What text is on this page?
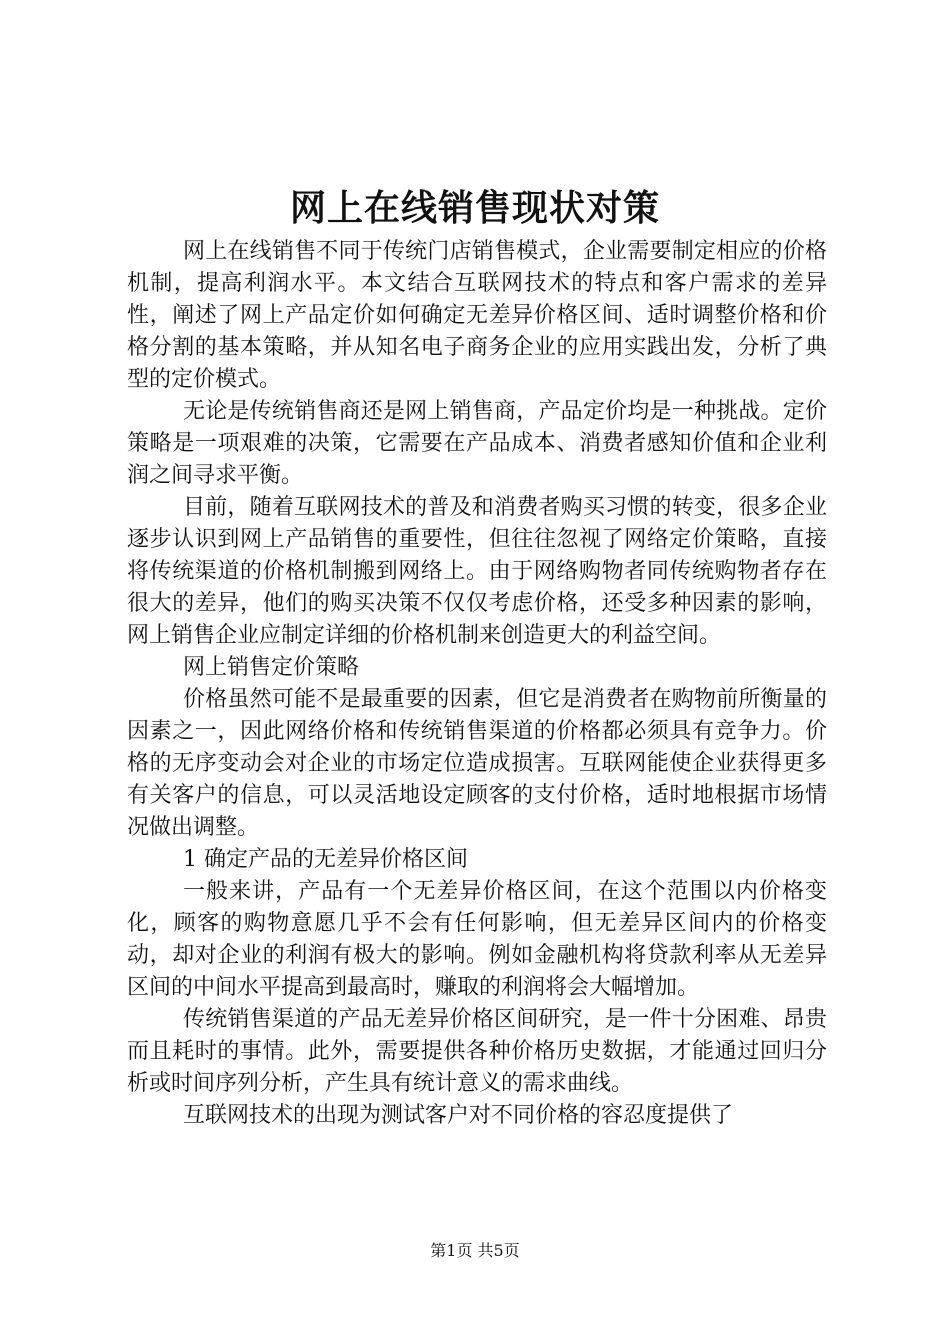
网上在线销售现状对策

网上在线销售不同于传统门店销售模式，企业需要制定相应的价格机制，提高利润水平。本文结合互联网技术的特点和客户需求的差异性，阐述了网上产品定价如何确定无差异价格区间、适时调整价格和价格分割的基本策略，并从知名电子商务企业的应用实践出发，分析了典型的定价模式。

无论是传统销售商还是网上销售商，产品定价均是一种挑战。定价策略是一项艰难的决策，它需要在产品成本、消费者感知价值和企业利润之间寻求平衡。

目前，随着互联网技术的普及和消费者购买习惯的转变，很多企业逐步认识到网上产品销售的重要性，但往往忽视了网络定价策略，直接将传统渠道的价格机制搬到网络上。由于网络购物者同传统购物者存在很大的差异，他们的购买决策不仅仅考虑价格，还受多种因素的影响，网上销售企业应制定详细的价格机制来创造更大的利益空间。

网上销售定价策略

价格虽然可能不是最重要的因素，但它是消费者在购物前所衡量的因素之一，因此网络价格和传统销售渠道的价格都必须具有竞争力。价格的无序变动会对企业的市场定位造成损害。互联网能使企业获得更多有关客户的信息，可以灵活地设定顾客的支付价格，适时地根据市场情况做出调整。

1 确定产品的无差异价格区间

一般来讲，产品有一个无差异价格区间，在这个范围以内价格变化，顾客的购物意愿几乎不会有任何影响，但无差异区间内的价格变动，却对企业的利润有极大的影响。例如金融机构将贷款利率从无差异区间的中间水平提高到最高时，赚取的利润将会大幅增加。

传统销售渠道的产品无差异价格区间研究，是一件十分困难、昂贵而且耗时的事情。此外，需要提供各种价格历史数据，才能通过回归分析或时间序列分析，产生具有统计意义的需求曲线。

互联网技术的出现为测试客户对不同价格的容忍度提供了

第1页 共5页
